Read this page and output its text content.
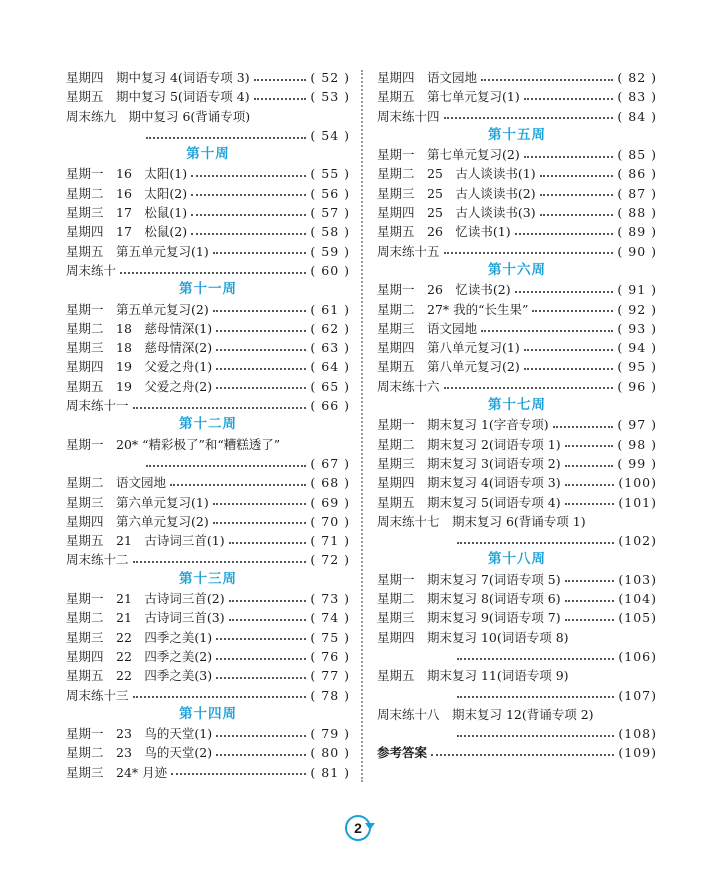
星期四　期中复习 4(词语专项 3)	( 52 )
星期五　期中复习 5(词语专项 4)	( 53 )
周末练九　期中复习 6(背诵专项)
( 54 )
第十周
星期一　16　太阳(1)	( 55 )
星期二　16　太阳(2)	( 56 )
星期三　17　松鼠(1)	( 57 )
星期四　17　松鼠(2)	( 58 )
星期五　第五单元复习(1)	( 59 )
周末练十	( 60 )
第十一周
星期一　第五单元复习(2)	( 61 )
星期二　18　慈母情深(1)	( 62 )
星期三　18　慈母情深(2)	( 63 )
星期四　19　父爱之舟(1)	( 64 )
星期五　19　父爱之舟(2)	( 65 )
周末练十一	( 66 )
第十二周
星期一　20* “精彩极了”和“糟糕透了”
( 67 )
星期二　语文园地	( 68 )
星期三　第六单元复习(1)	( 69 )
星期四　第六单元复习(2)	( 70 )
星期五　21　古诗词三首(1)	( 71 )
周末练十二	( 72 )
第十三周
星期一　21　古诗词三首(2)	( 73 )
星期二　21　古诗词三首(3)	( 74 )
星期三　22　四季之美(1)	( 75 )
星期四　22　四季之美(2)	( 76 )
星期五　22　四季之美(3)	( 77 )
周末练十三	( 78 )
第十四周
星期一　23　鸟的天堂(1)	( 79 )
星期二　23　鸟的天堂(2)	( 80 )
星期三　24* 月迹	( 81 )
星期四　语文园地	( 82 )
星期五　第七单元复习(1)	( 83 )
周末练十四	( 84 )
第十五周
星期一　第七单元复习(2)	( 85 )
星期二　25　古人谈读书(1)	( 86 )
星期三　25　古人谈读书(2)	( 87 )
星期四　25　古人谈读书(3)	( 88 )
星期五　26　忆读书(1)	( 89 )
周末练十五	( 90 )
第十六周
星期一　26　忆读书(2)	( 91 )
星期二　27* 我的“长生果”	( 92 )
星期三　语文园地	( 93 )
星期四　第八单元复习(1)	( 94 )
星期五　第八单元复习(2)	( 95 )
周末练十六	( 96 )
第十七周
星期一　期末复习 1(字音专项)	( 97 )
星期二　期末复习 2(词语专项 1)	( 98 )
星期三　期末复习 3(词语专项 2)	( 99 )
星期四　期末复习 4(词语专项 3)	(100)
星期五　期末复习 5(词语专项 4)	(101)
周末练十七　期末复习 6(背诵专项 1)
(102)
第十八周
星期一　期末复习 7(词语专项 5)	(103)
星期二　期末复习 8(词语专项 6)	(104)
星期三　期末复习 9(词语专项 7)	(105)
星期四　期末复习 10(词语专项 8)
(106)
星期五　期末复习 11(词语专项 9)
(107)
周末练十八　期末复习 12(背诵专项 2)
(108)
参考答案	(109)
2
